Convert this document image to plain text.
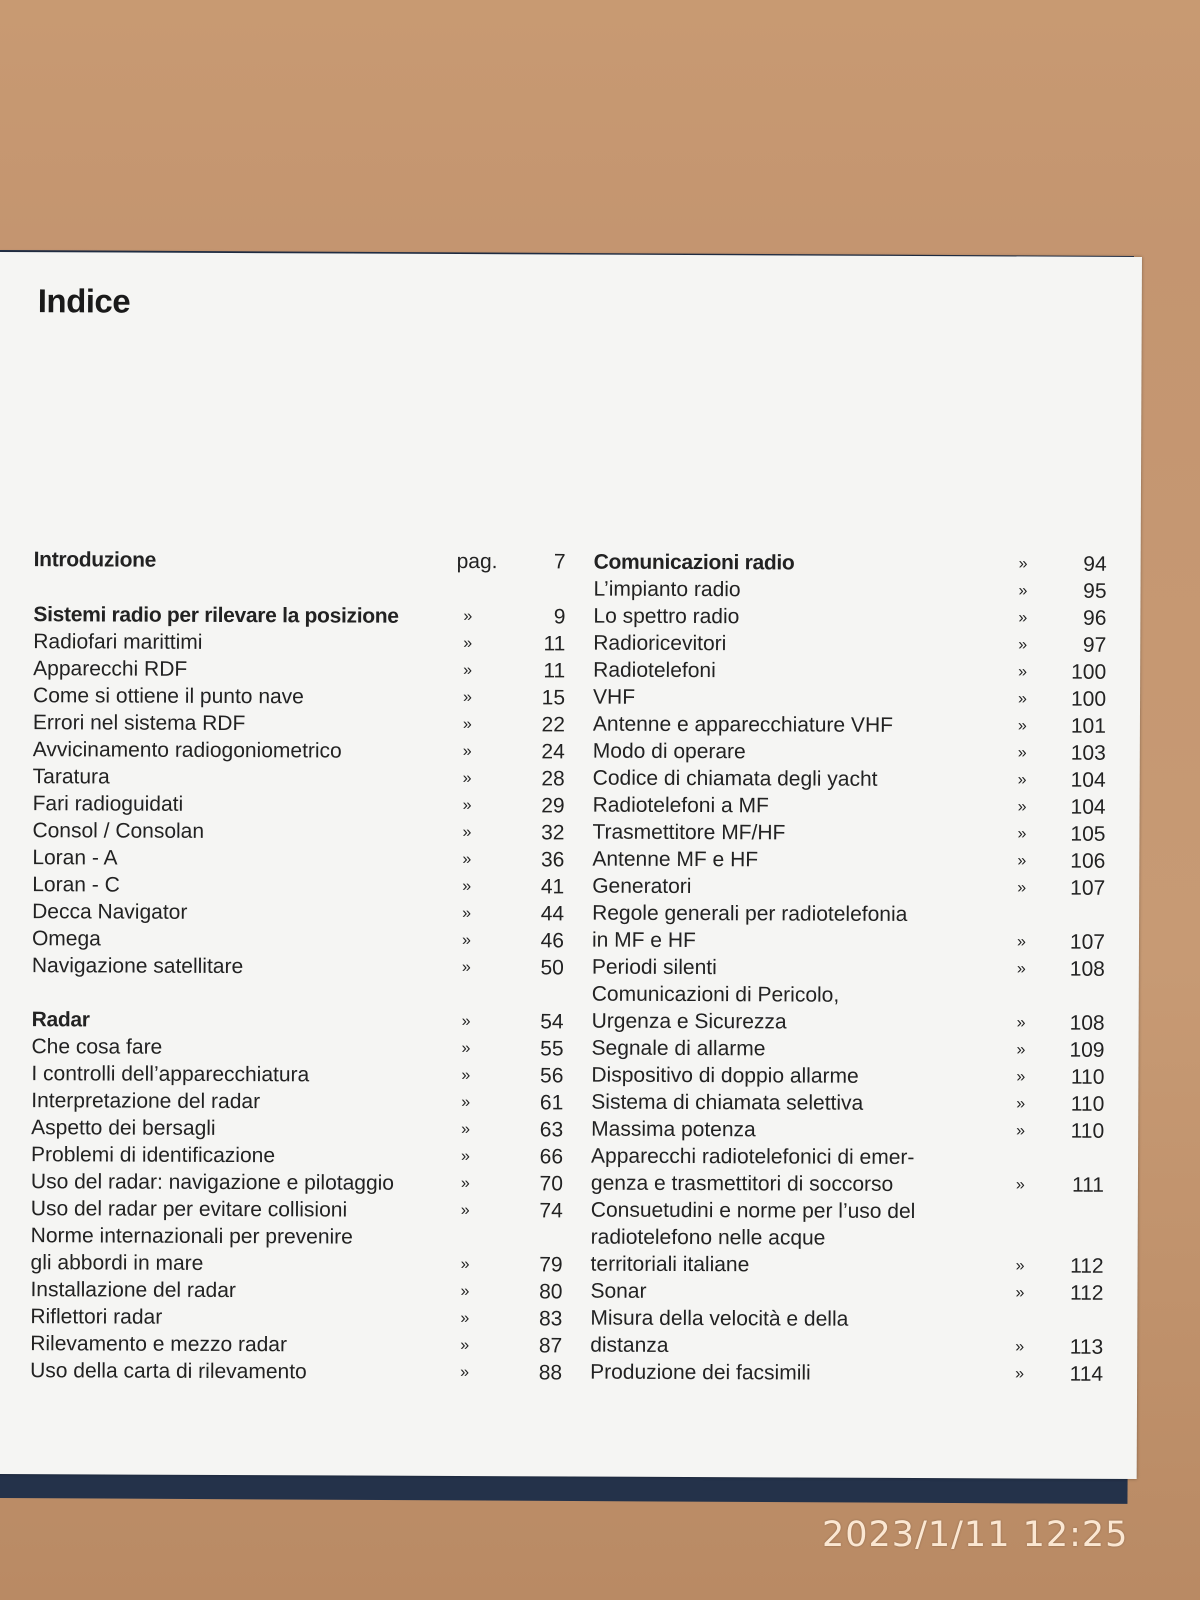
Indice
Introduzione	pag.	7
Sistemi radio per rilevare la posizione	»	9
Radiofari marittimi	»	11
Apparecchi RDF	»	11
Come si ottiene il punto nave	»	15
Errori nel sistema RDF	»	22
Avvicinamento radiogoniometrico	»	24
Taratura	»	28
Fari radioguidati	»	29
Consol / Consolan	»	32
Loran - A	»	36
Loran - C	»	41
Decca Navigator	»	44
Omega	»	46
Navigazione satellitare	»	50
Radar	»	54
Che cosa fare	»	55
I controlli dell’apparecchiatura	»	56
Interpretazione del radar	»	61
Aspetto dei bersagli	»	63
Problemi di identificazione	»	66
Uso del radar: navigazione e pilotaggio	»	70
Uso del radar per evitare collisioni	»	74
Norme internazionali per prevenire
gli abbordi in mare	»	79
Installazione del radar	»	80
Riflettori radar	»	83
Rilevamento e mezzo radar	»	87
Uso della carta di rilevamento	»	88
Comunicazioni radio	»	94
L’impianto radio	»	95
Lo spettro radio	»	96
Radioricevitori	»	97
Radiotelefoni	» 100
VHF	» 100
Antenne e apparecchiature VHF	» 101
Modo di operare	» 103
Codice di chiamata degli yacht	» 104
Radiotelefoni a MF	» 104
Trasmettitore MF/HF	» 105
Antenne MF e HF	» 106
Generatori	» 107
Regole generali per radiotelefonia
in MF e HF	» 107
Periodi silenti	» 108
Comunicazioni di Pericolo,
Urgenza e Sicurezza	» 108
Segnale di allarme	» 109
Dispositivo di doppio allarme	» 110
Sistema di chiamata selettiva	» 110
Massima potenza	» 110
Apparecchi radiotelefonici di emer-
genza e trasmettitori di soccorso	» 111
Consuetudini e norme per l’uso del
radiotelefono nelle acque
territoriali italiane	» 112
Sonar	» 112
Misura della velocità e della
distanza	» 113
Produzione dei facsimili	» 114
2023/1/11 12:25
